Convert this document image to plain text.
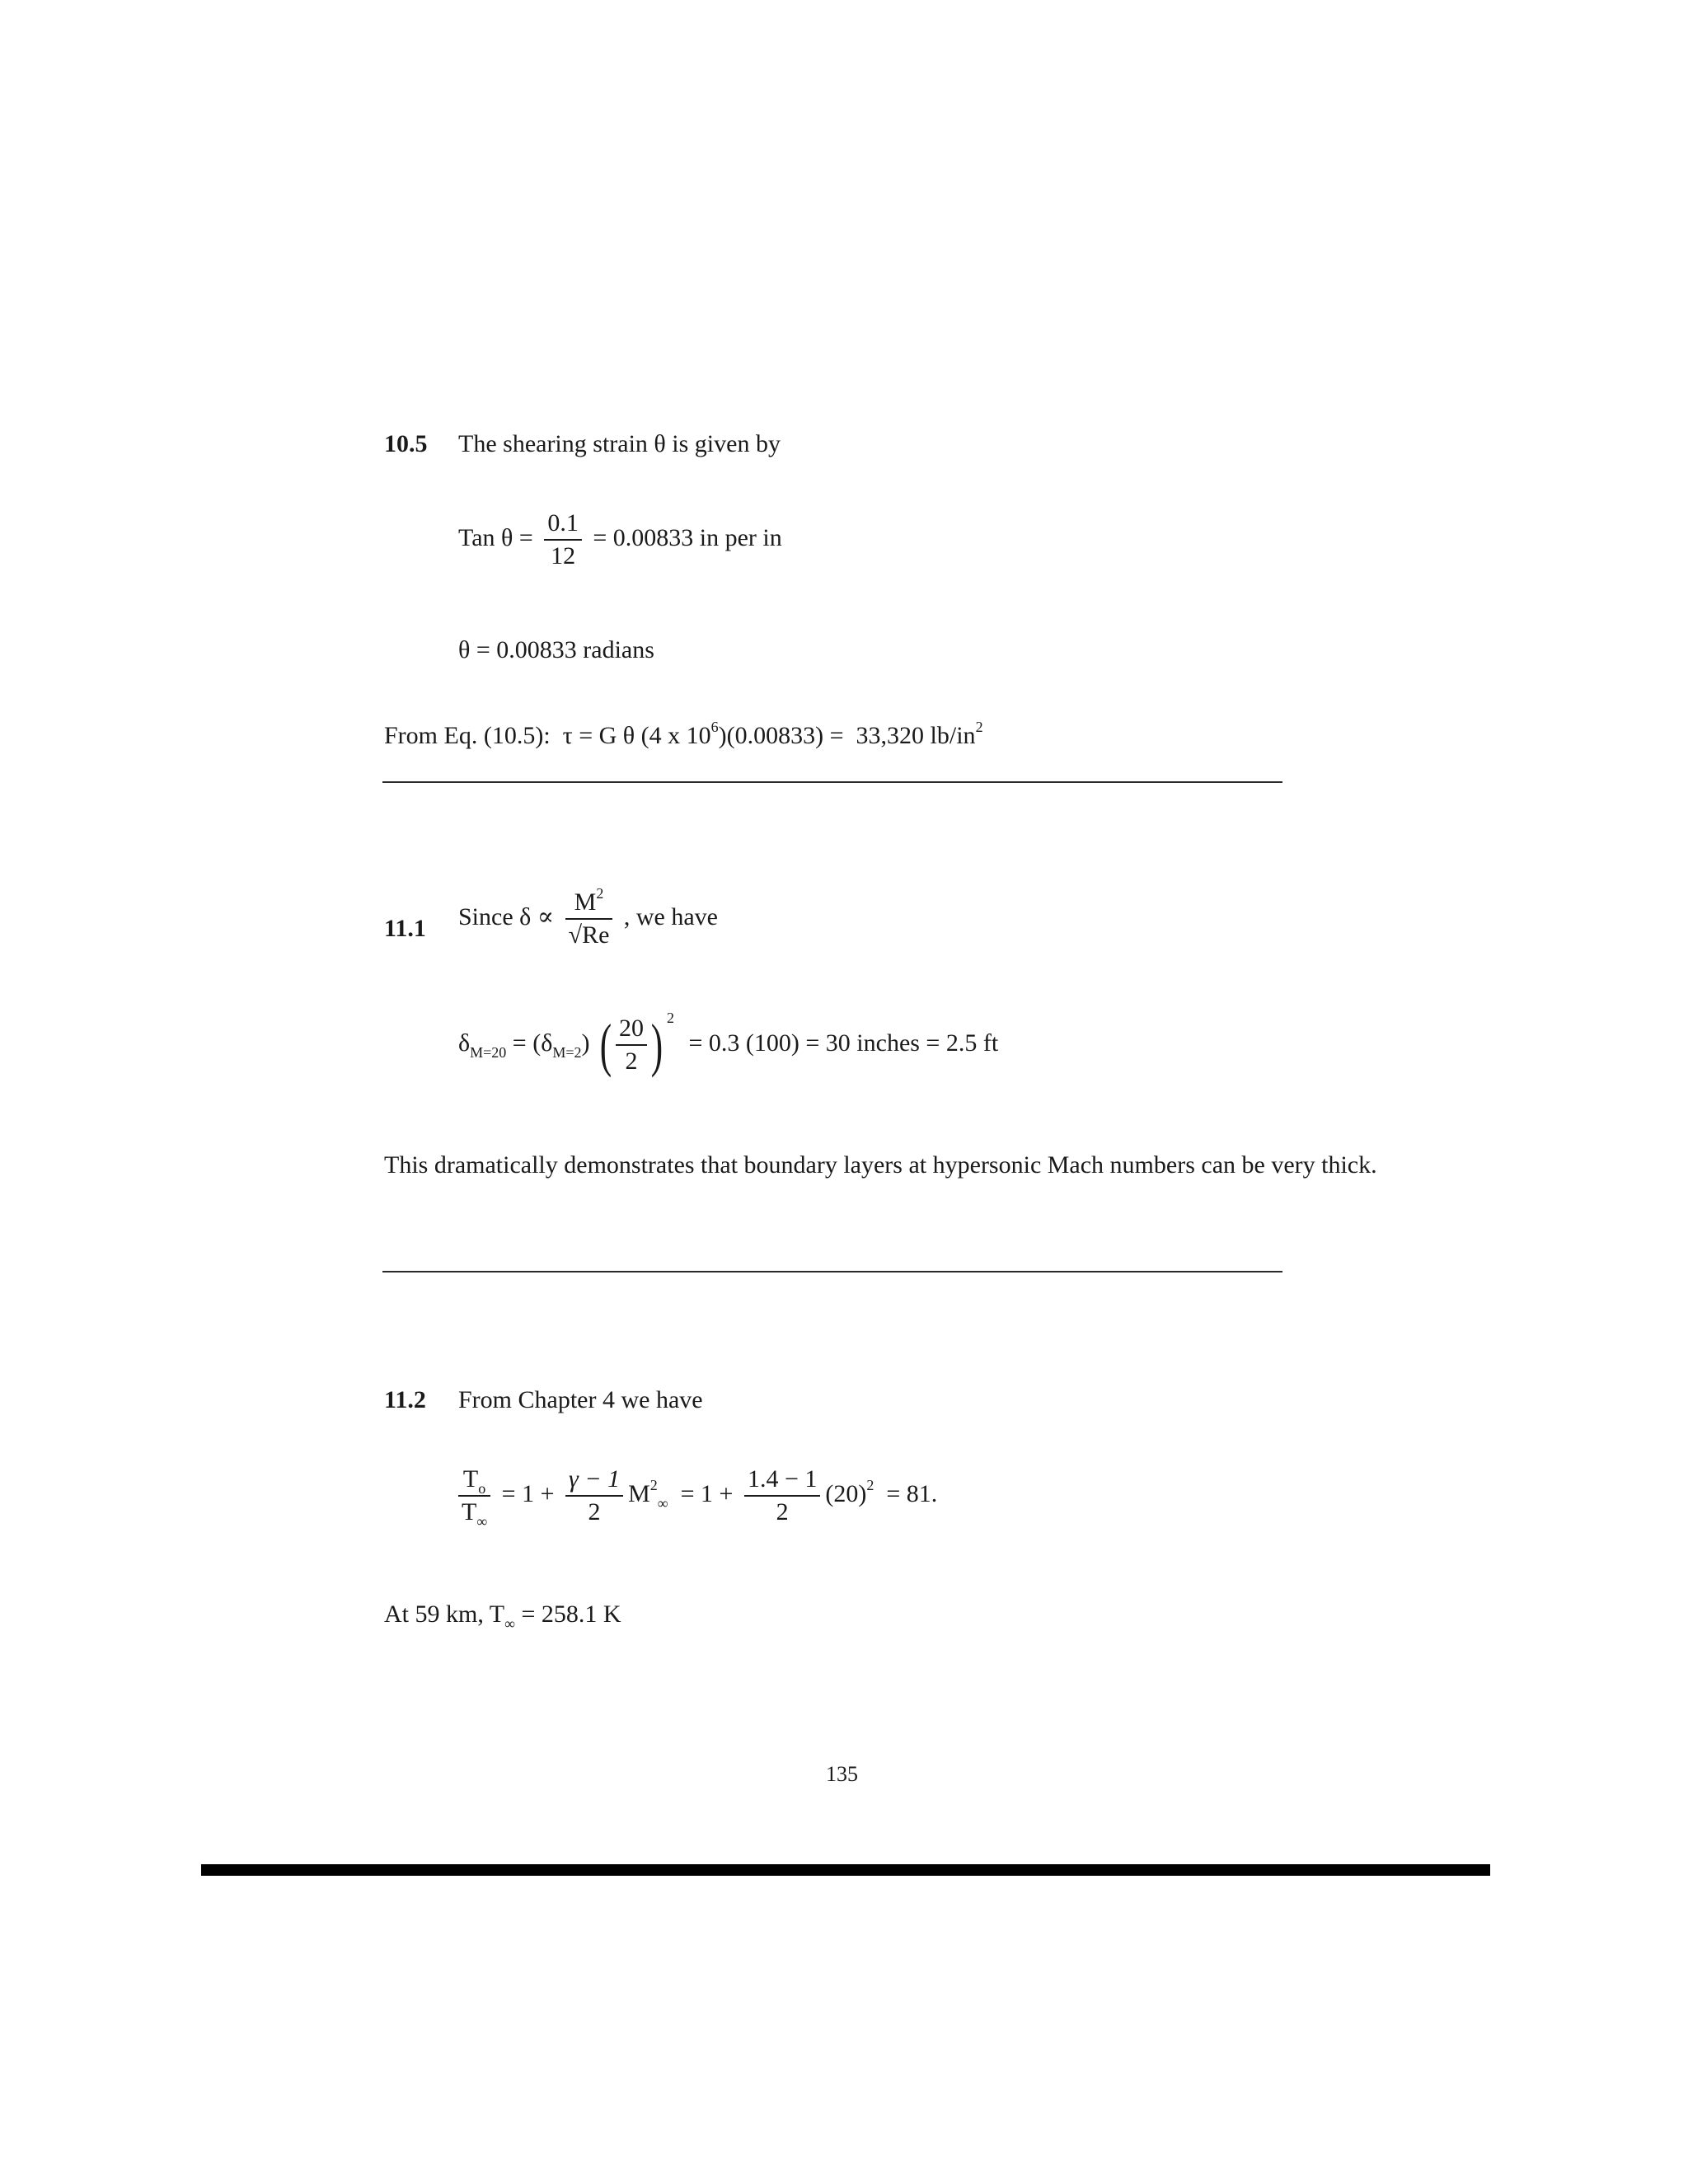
10.5 The shearing strain θ is given by
Tan $\theta = \frac{0.1}{12} = 0.00833$ in per in
θ = 0.00833 radians
From Eq. (10.5): τ = G θ (4 x $10^6)(0.00833) = 33,320$ $lb/in^2$
11.1 Since $\delta \propto \frac{M^2}{√Re}$ , we have
$\delta_{M=20} = (\delta_{M=2})$ ( $\frac{20}{2}$ ) $^2$ = 0.3 (100) = 30 inches = 2.5 ft
This dramatically demonstrates that boundary layers at hypersonic Mach numbers can be very thick.
11.2 From Chapter 4 we have
$\frac{T_o}{T_\infty} = 1 + \frac{\gamma - 1}{2} M^2_\infty = 1 + \frac{1.4 - 1}{2} (20)^2 = 81$.
At 59 km, $T_\infty = 258.1$ K
135
